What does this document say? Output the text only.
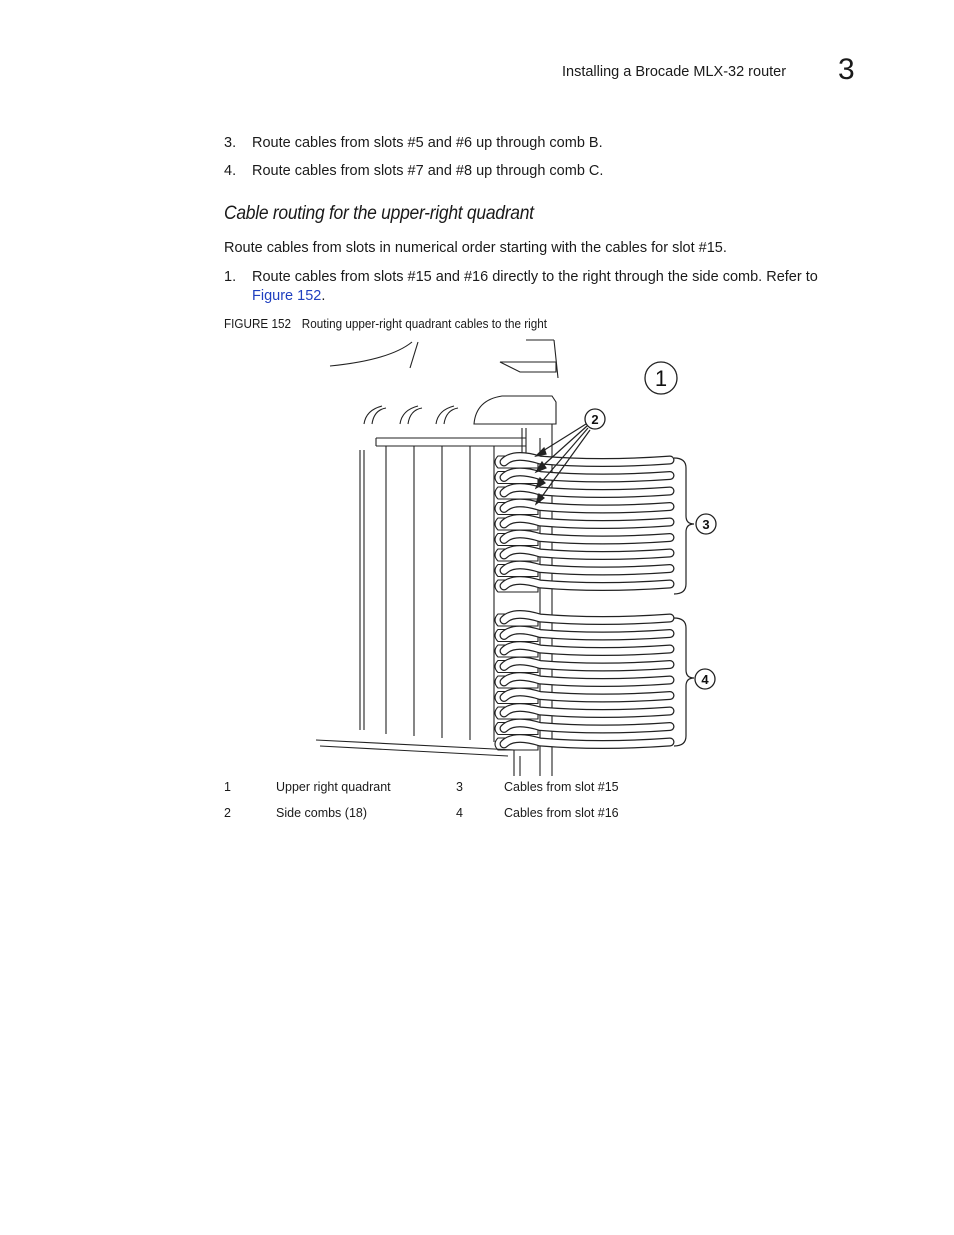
Installing a Brocade MLX-32 router 3
3.	Route cables from slots #5 and #6 up through comb B.
4.	Route cables from slots #7 and #8 up through comb C.
Cable routing for the upper-right quadrant
Route cables from slots in numerical order starting with the cables for slot #15.
1.	Route cables from slots #15 and #16 directly to the right through the side comb. Refer to Figure 152.
FIGURE 152 Routing upper-right quadrant cables to the right
1
2
3
4
1	Upper right quadrant	3	Cables from slot #15
2	Side combs (18)	4	Cables from slot #16
